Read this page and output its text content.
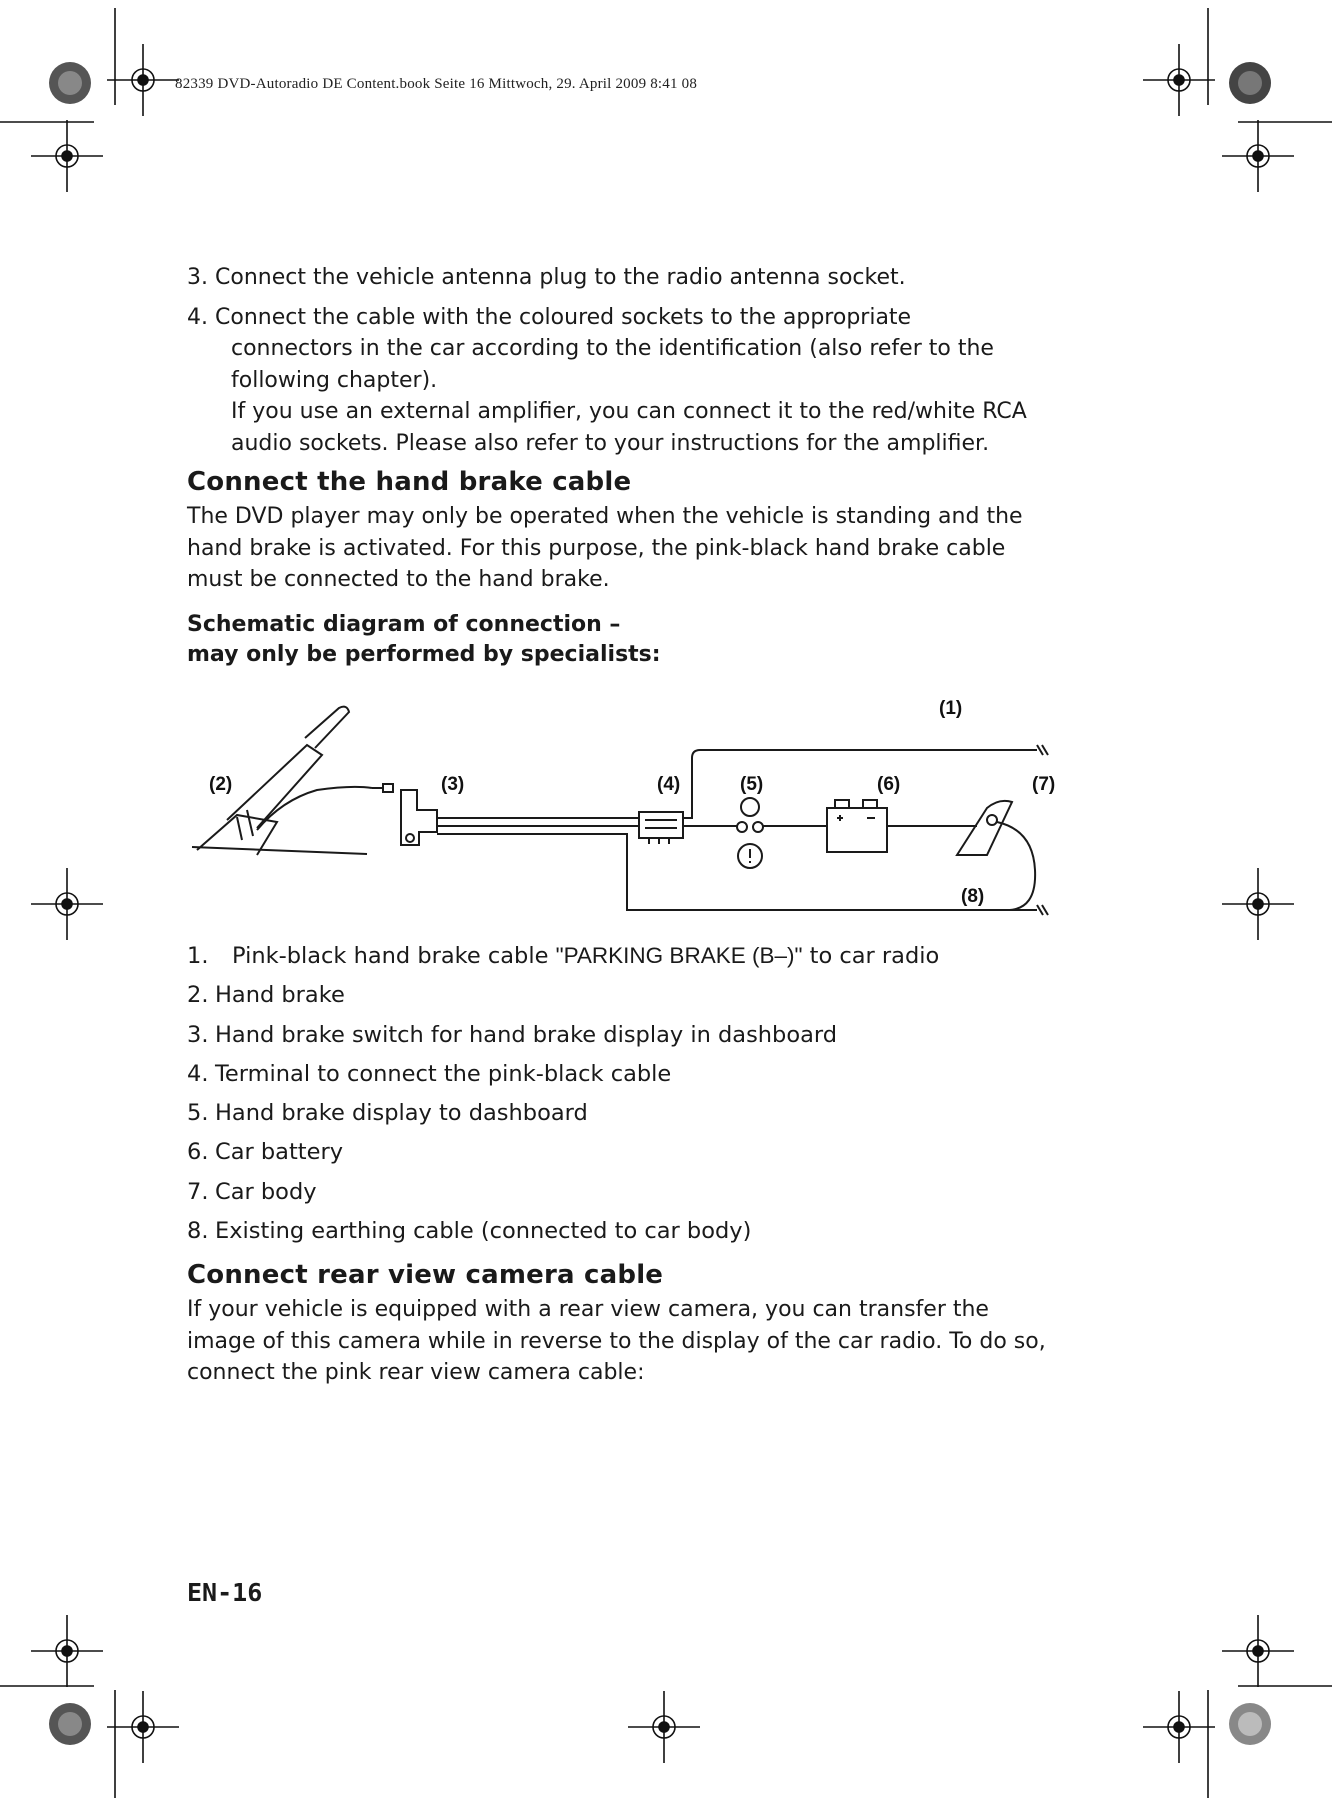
82339 DVD-Autoradio DE Content.book Seite 16 Mittwoch, 29. April 2009 8:41 08

3. Connect the vehicle antenna plug to the radio antenna socket.

4. Connect the cable with the coloured sockets to the appropriate
connectors in the car according to the identification (also refer to the
following chapter).
If you use an external amplifier, you can connect it to the red/white RCA
audio sockets. Please also refer to your instructions for the amplifier.
Connect the hand brake cable
The DVD player may only be operated when the vehicle is standing and the
hand brake is activated. For this purpose, the pink-black hand brake cable
must be connected to the hand brake.
Schematic diagram of connection –
may only be performed by specialists:
(1)
(2)	(3)	(4)	(5)	(6)	(7)
(8)
1. Pink-black hand brake cable "PARKING BRAKE (B–)" to car radio
2. Hand brake
3. Hand brake switch for hand brake display in dashboard
4. Terminal to connect the pink-black cable
5. Hand brake display to dashboard
6. Car battery
7. Car body
8. Existing earthing cable (connected to car body)
Connect rear view camera cable
If your vehicle is equipped with a rear view camera, you can transfer the
image of this camera while in reverse to the display of the car radio. To do so,
connect the pink rear view camera cable:
EN-16
